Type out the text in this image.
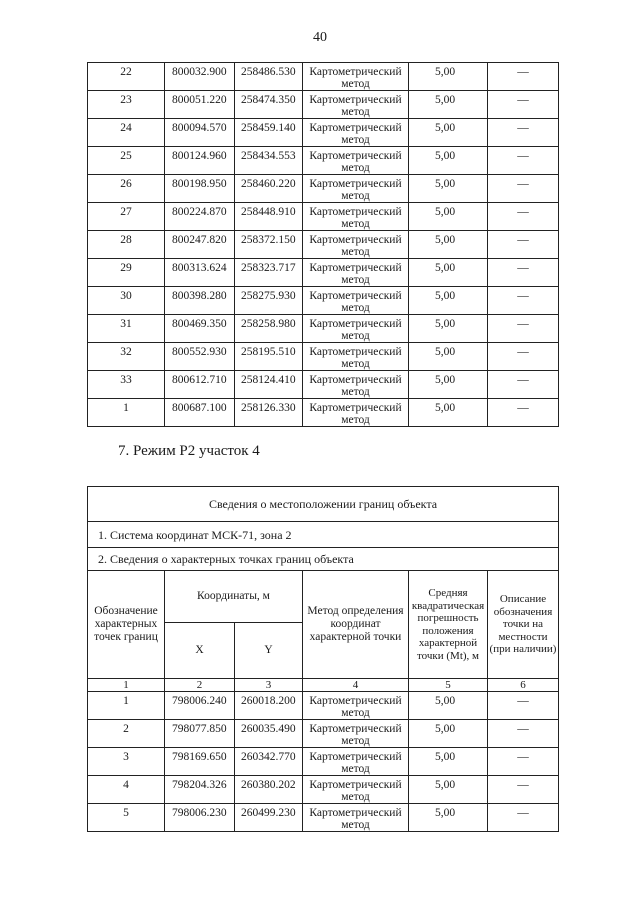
40
22	800032.900	258486.530	Картометрический метод	5,00	—
23	800051.220	258474.350	Картометрический метод	5,00	—
24	800094.570	258459.140	Картометрический метод	5,00	—
25	800124.960	258434.553	Картометрический метод	5,00	—
26	800198.950	258460.220	Картометрический метод	5,00	—
27	800224.870	258448.910	Картометрический метод	5,00	—
28	800247.820	258372.150	Картометрический метод	5,00	—
29	800313.624	258323.717	Картометрический метод	5,00	—
30	800398.280	258275.930	Картометрический метод	5,00	—
31	800469.350	258258.980	Картометрический метод	5,00	—
32	800552.930	258195.510	Картометрический метод	5,00	—
33	800612.710	258124.410	Картометрический метод	5,00	—
1	800687.100	258126.330	Картометрический метод	5,00	—
7. Режим Р2 участок 4
Сведения о местоположении границ объекта					
1. Система координат МСК-71, зона 2					
2. Сведения о характерных точках границ объекта					
Обозначение характерных точек границ	Координаты, м		Метод определения координат характерной точки	Средняя квадратическая погрешность положения характерной точки (Mt), м	Описание обозначения точки на местности (при наличии)
	X	Y			
1	2	3	4	5	6
1	798006.240	260018.200	Картометрический метод	5,00	—
2	798077.850	260035.490	Картометрический метод	5,00	—
3	798169.650	260342.770	Картометрический метод	5,00	—
4	798204.326	260380.202	Картометрический метод	5,00	—
5	798006.230	260499.230	Картометрический метод	5,00	—
